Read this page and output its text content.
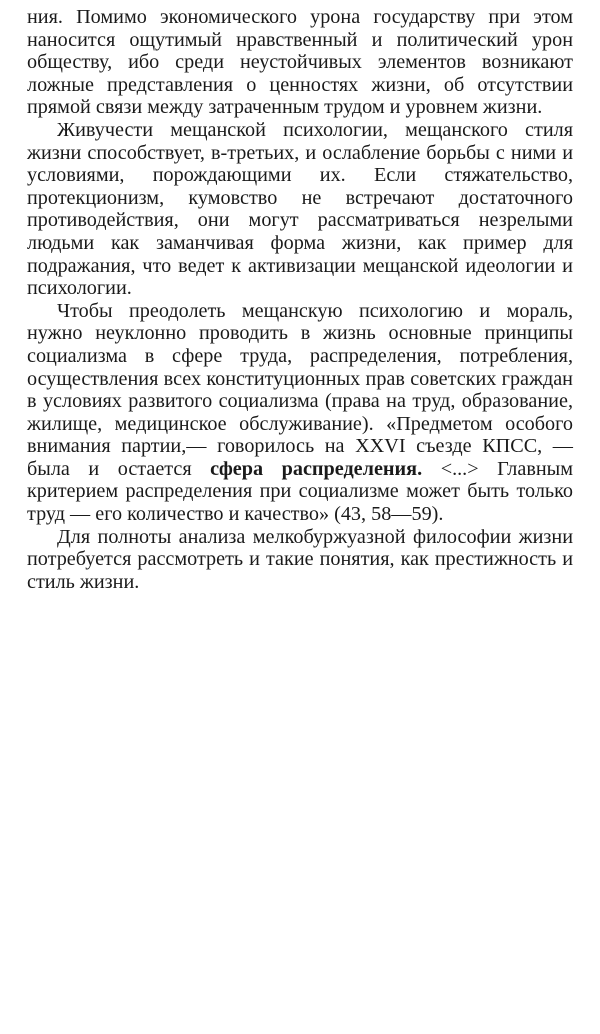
ния. Помимо экономического урона государству при этом наносится ощутимый нравственный и политический урон обществу, ибо среди неустойчивых элементов возникают ложные представления о ценностях жизни, об отсутствии прямой связи между затраченным трудом и уровнем жизни.

Живучести мещанской психологии, мещанского стиля жизни способствует, в-третьих, и ослабление борьбы с ними и условиями, порождающими их. Если стяжательство, протекционизм, кумовство не встречают достаточного противодействия, они могут рассматриваться незрелыми людьми как заманчивая форма жизни, как пример для подражания, что ведет к активизации мещанской идеологии и психологии.

Чтобы преодолеть мещанскую психологию и мораль, нужно неуклонно проводить в жизнь основные принципы социализма в сфере труда, распределения, потребления, осуществления всех конституционных прав советских граждан в условиях развитого социализма (права на труд, образование, жилище, медицинское обслуживание). «Предметом особого внимания партии,— говорилось на XXVI съезде КПСС, — была и остается сфера распределения. <...> Главным критерием распределения при социализме может быть только труд — его количество и качество» (43, 58—59).

Для полноты анализа мелкобуржуазной философии жизни потребуется рассмотреть и такие понятия, как престижность и стиль жизни.
